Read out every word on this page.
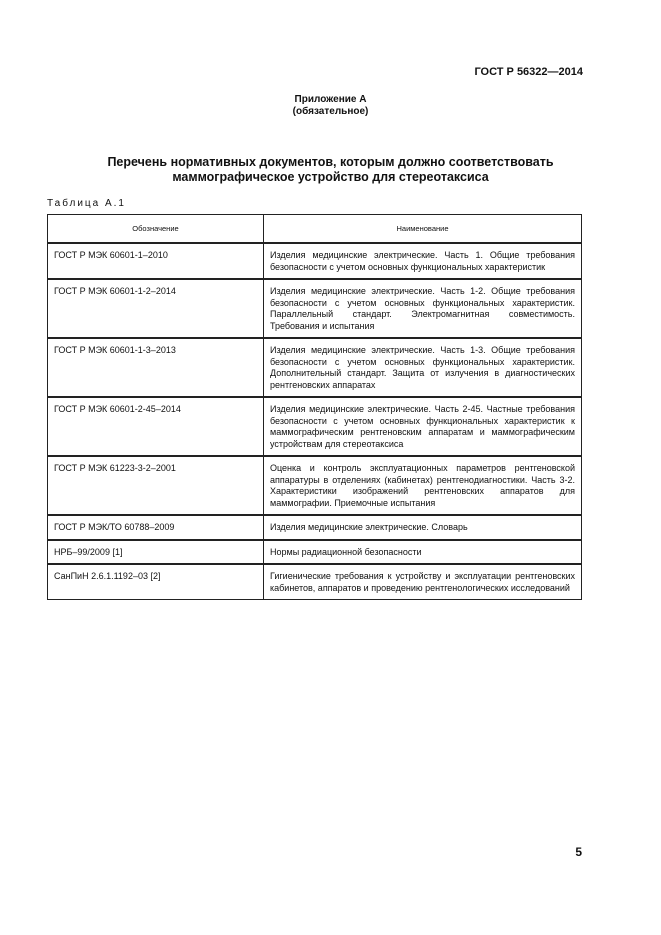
ГОСТ Р 56322—2014
Приложение А
(обязательное)
Перечень нормативных документов, которым должно соответствовать
маммографическое устройство для стереотаксиса
Таблица А.1
Обозначение	Наименование
ГОСТ Р МЭК 60601-1–2010	Изделия медицинские электрические. Часть 1. Общие требования безопасности с учетом основных функциональных характеристик
ГОСТ Р МЭК 60601-1-2–2014	Изделия медицинские электрические. Часть 1-2. Общие требования безопасности с учетом основных функциональных характеристик. Параллельный стандарт. Электромагнитная совместимость. Требования и испытания
ГОСТ Р МЭК 60601-1-3–2013	Изделия медицинские электрические. Часть 1-3. Общие требования безопасности с учетом основных функциональных характеристик. Дополнительный стандарт. Защита от излучения в диагностических рентгеновских аппаратах
ГОСТ Р МЭК 60601-2-45–2014	Изделия медицинские электрические. Часть 2-45. Частные требования безопасности с учетом основных функциональных характеристик к маммографическим рентгеновским аппаратам и маммографическим устройствам для стереотаксиса
ГОСТ Р МЭК 61223-3-2–2001	Оценка и контроль эксплуатационных параметров рентгеновской аппаратуры в отделениях (кабинетах) рентгенодиагностики. Часть 3-2. Характеристики изображений рентгеновских аппаратов для маммографии. Приемочные испытания
ГОСТ Р МЭК/ТО 60788–2009	Изделия медицинские электрические. Словарь
НРБ–99/2009 [1]	Нормы радиационной безопасности
СанПиН 2.6.1.1192–03 [2]	Гигиенические требования к устройству и эксплуатации рентгеновских кабинетов, аппаратов и проведению рентгенологических исследований
5
